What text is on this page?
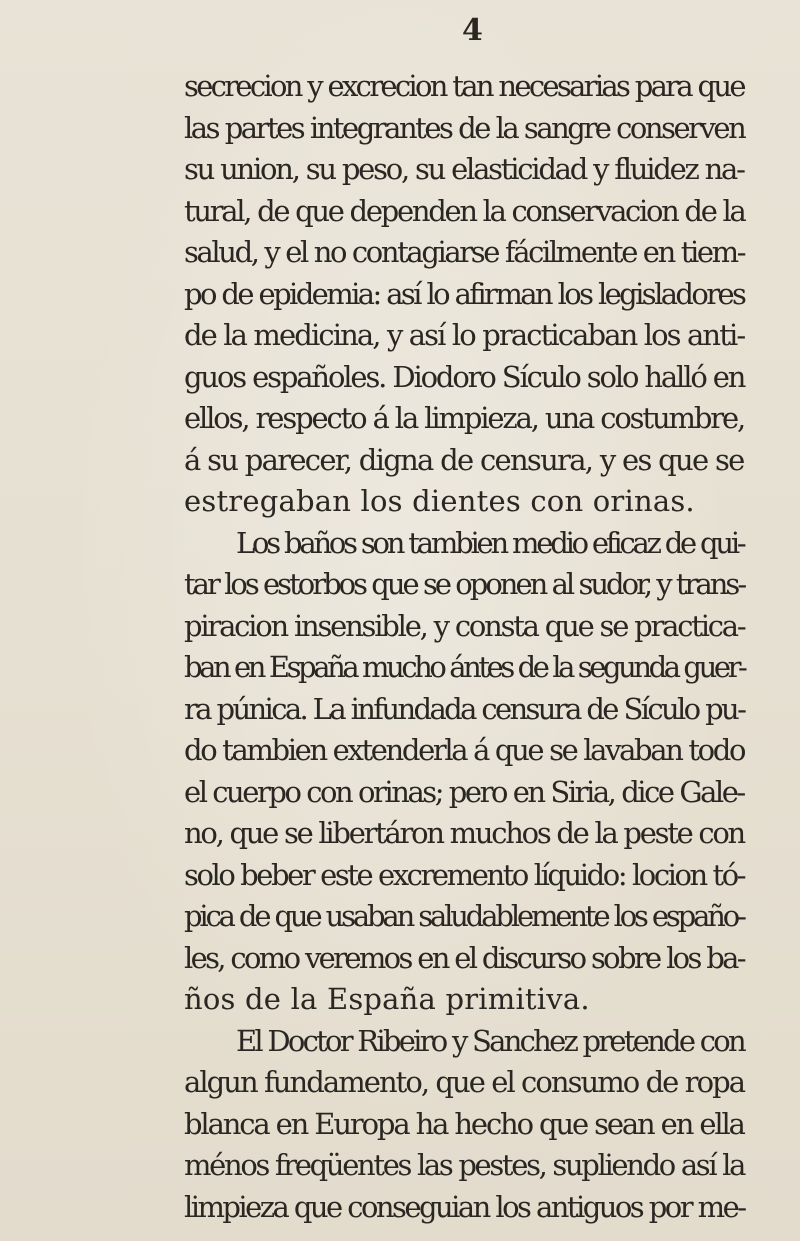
4
secrecion y excrecion tan necesarias para que
las partes integrantes de la sangre conserven
su union, su peso, su elasticidad y fluidez na-
tural, de que dependen la conservacion de la
salud, y el no contagiarse fácilmente en tiem-
po de epidemia: así lo afirman los legisladores
de la medicina, y así lo practicaban los anti-
guos españoles. Diodoro Sículo solo halló en
ellos, respecto á la limpieza, una costumbre,
á su parecer, digna de censura, y es que se
estregaban los dientes con orinas.
Los baños son tambien medio eficaz de qui-
tar los estorbos que se oponen al sudor, y trans-
piracion insensible, y consta que se practica-
ban en España mucho ántes de la segunda guer-
ra púnica. La infundada censura de Sículo pu-
do tambien extenderla á que se lavaban todo
el cuerpo con orinas; pero en Siria, dice Gale-
no, que se libertáron muchos de la peste con
solo beber este excremento líquido: locion tó-
pica de que usaban saludablemente los españo-
les, como veremos en el discurso sobre los ba-
ños de la España primitiva.
El Doctor Ribeiro y Sanchez pretende con
algun fundamento, que el consumo de ropa
blanca en Europa ha hecho que sean en ella
ménos freqüentes las pestes, supliendo así la
limpieza que conseguian los antiguos por me-
